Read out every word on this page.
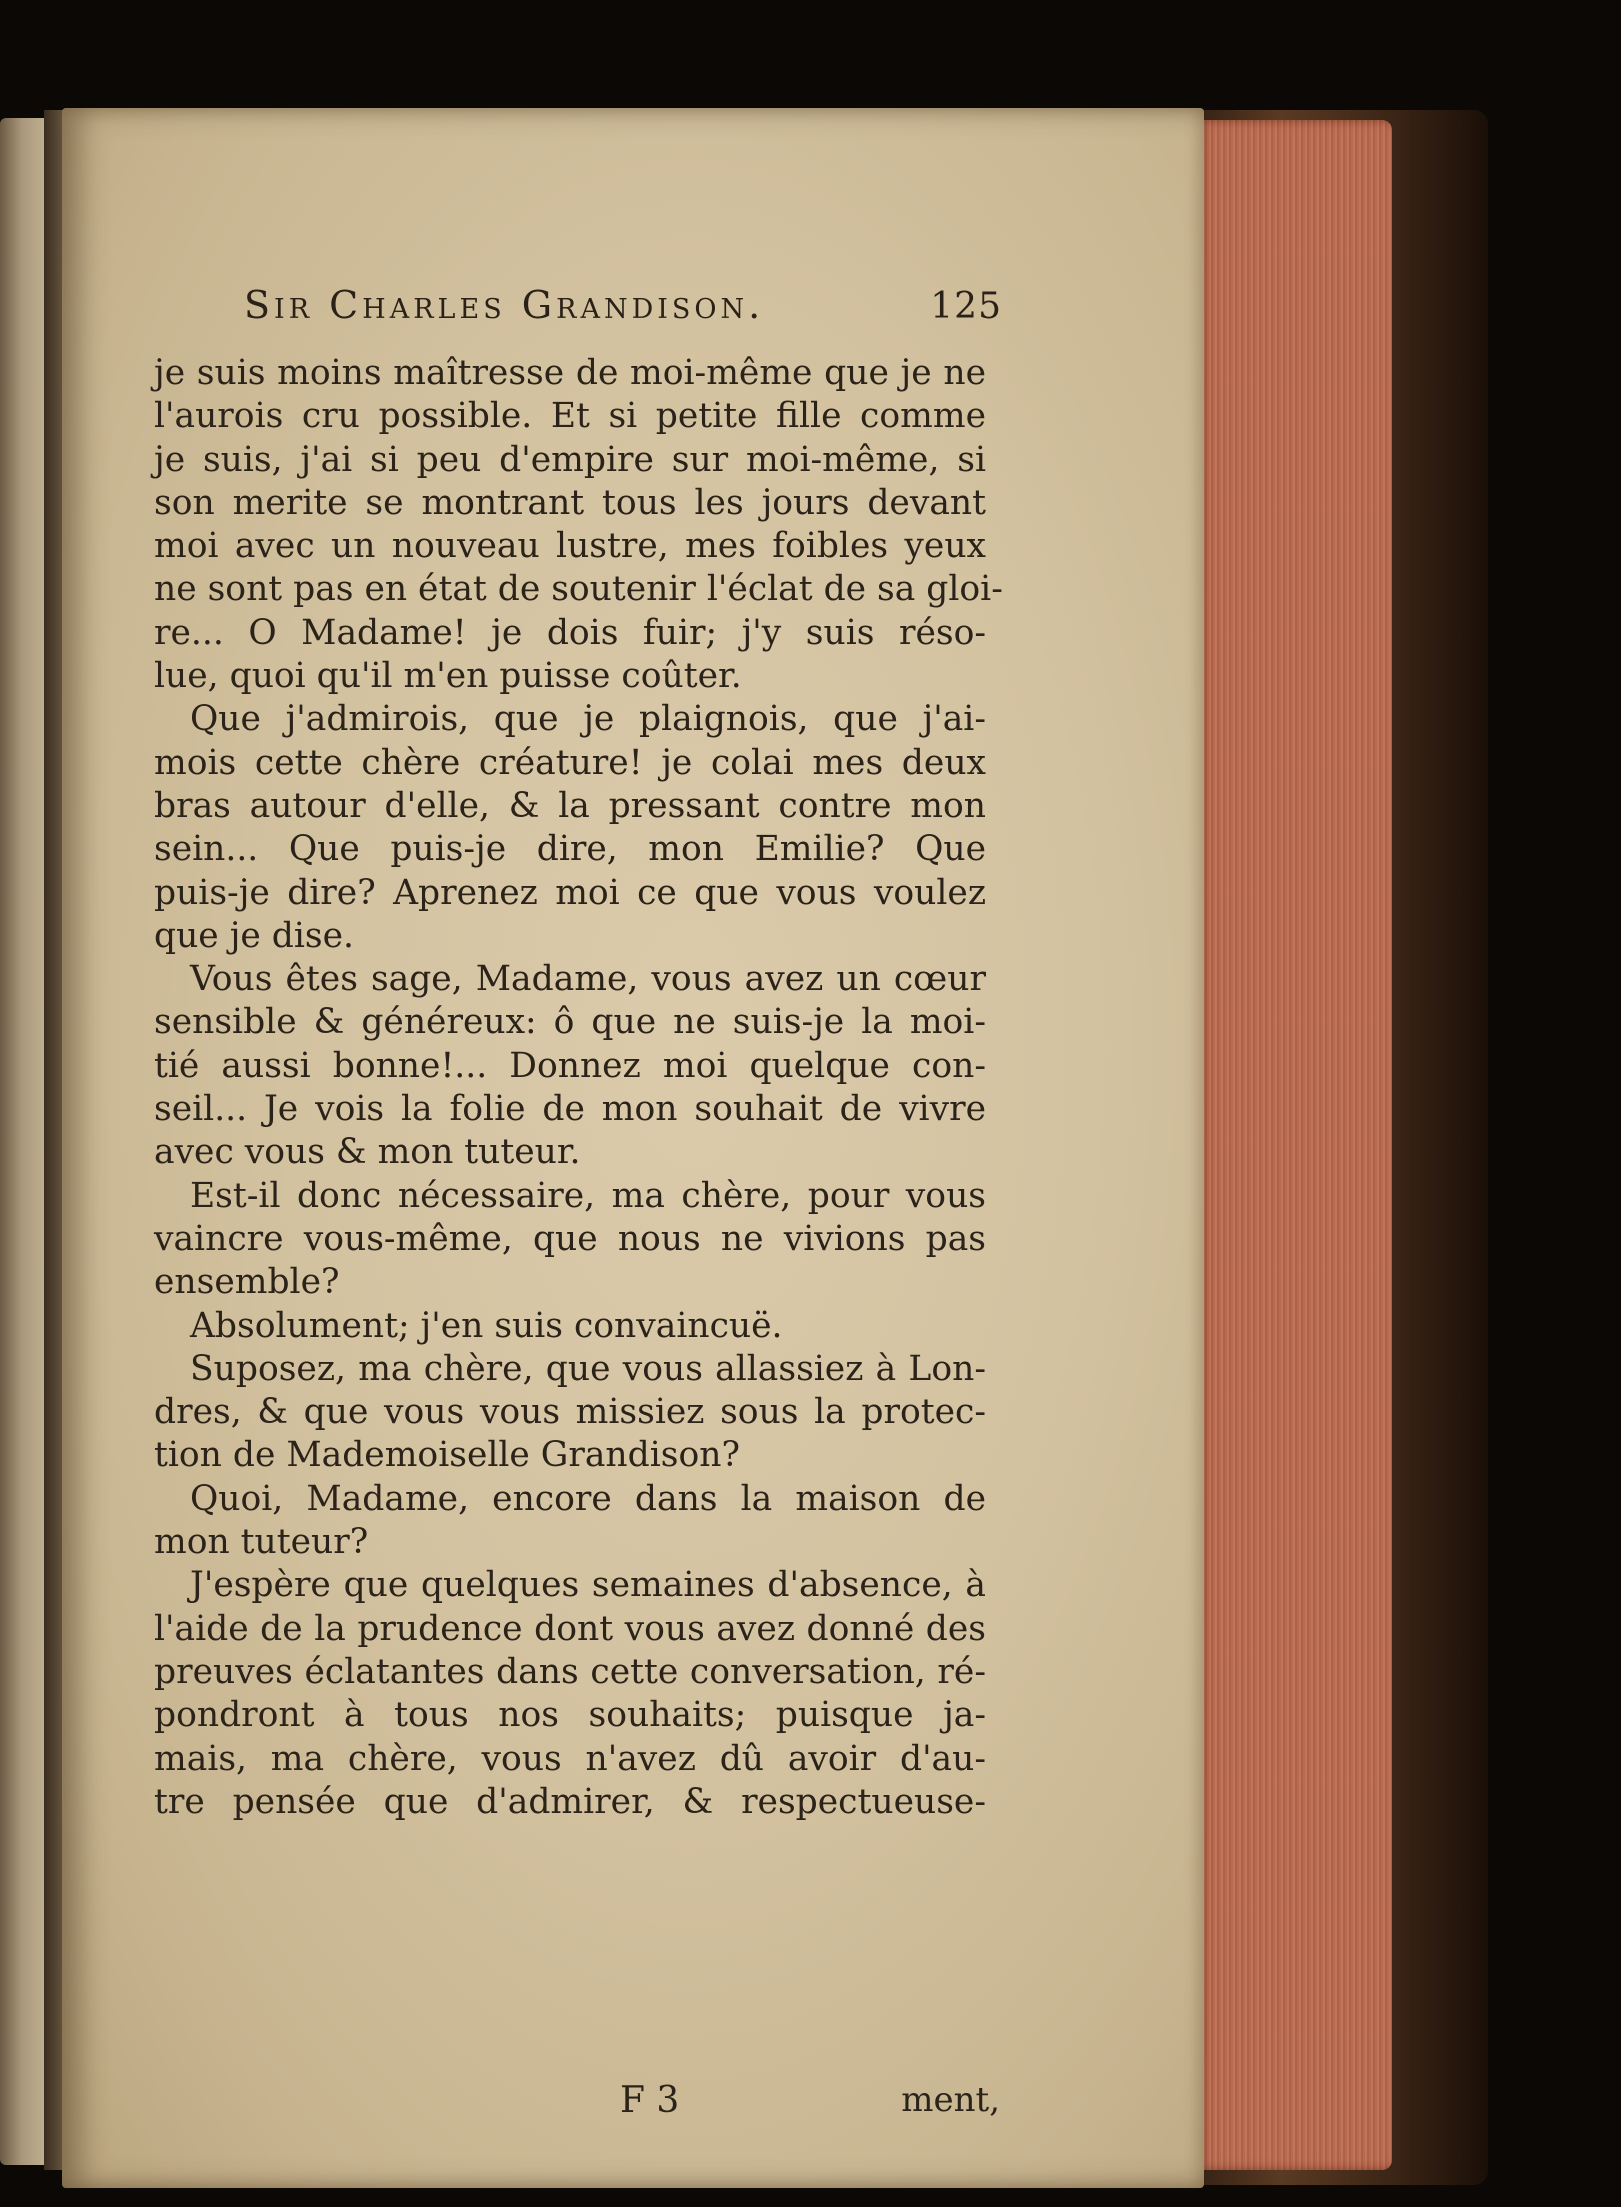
Sir Charles Grandison.	125
je suis moins maîtresse de moi-même que je ne
l'aurois cru possible. Et si petite fille comme
je suis, j'ai si peu d'empire sur moi-même, si
son merite se montrant tous les jours devant
moi avec un nouveau lustre, mes foibles yeux
ne sont pas en état de soutenir l'éclat de sa gloi-
re... O Madame! je dois fuir; j'y suis réso-
lue, quoi qu'il m'en puisse coûter.
Que j'admirois, que je plaignois, que j'ai-
mois cette chère créature! je colai mes deux
bras autour d'elle, & la pressant contre mon
sein... Que puis-je dire, mon Emilie? Que
puis-je dire? Aprenez moi ce que vous voulez
que je dise.
Vous êtes sage, Madame, vous avez un cœur
sensible & généreux: ô que ne suis-je la moi-
tié aussi bonne!... Donnez moi quelque con-
seil... Je vois la folie de mon souhait de vivre
avec vous & mon tuteur.
Est-il donc nécessaire, ma chère, pour vous
vaincre vous-même, que nous ne vivions pas
ensemble?
Absolument; j'en suis convaincuë.
Suposez, ma chère, que vous allassiez à Lon-
dres, & que vous vous missiez sous la protec-
tion de Mademoiselle Grandison?
Quoi, Madame, encore dans la maison de
mon tuteur?
J'espère que quelques semaines d'absence, à
l'aide de la prudence dont vous avez donné des
preuves éclatantes dans cette conversation, ré-
pondront à tous nos souhaits; puisque ja-
mais, ma chère, vous n'avez dû avoir d'au-
tre pensée que d'admirer, & respectueuse-
F 3	ment,
